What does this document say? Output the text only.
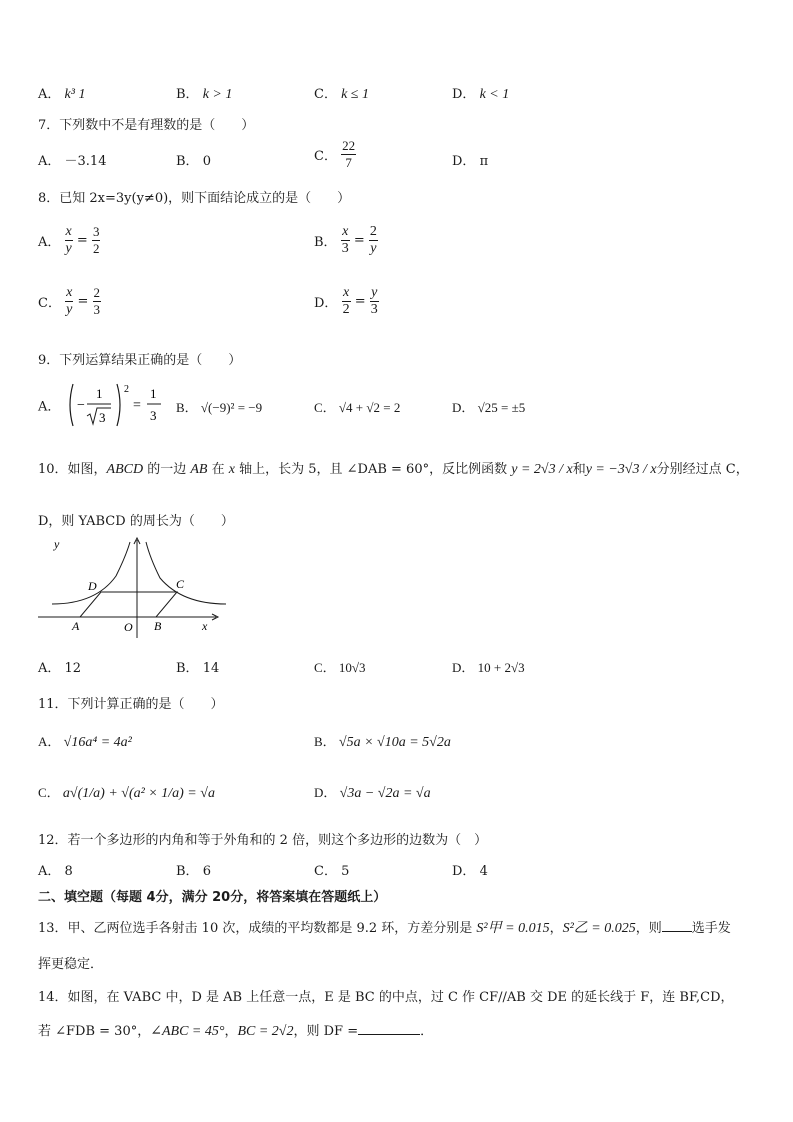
A． k³ 1	B． k > 1	C． k ≤ 1	D． k < 1
7．下列数中不是有理数的是（　　）
A． －3.14	B． 0	C． $\frac{22}{7}$	D． π
8．已知 2x=3y(y≠0)，则下面结论成立的是（　　）
A． $\frac{x}{y} = \frac{3}{2}$	B． $\frac{x}{3} = \frac{2}{y}$
C． $\frac{x}{y} = \frac{2}{3}$	D． $\frac{x}{2} = \frac{y}{3}$
9．下列运算结果正确的是（　　）
A． −
1
3
2
=
1
3
B． √(−9)² = −9	C． √4 + √2 = 2	D． √25 = ±5
10．如图，ABCD 的一边 AB 在 x 轴上，长为 5，且 ∠DAB = 60°，反比例函数 y = 2√3 / x和y = −3√3 / x分别经过点 C，
D，则 YABCD 的周长为（　　）
y
x
A	B
C
D
O
A． 12	B． 14	C． 10√3	D． 10 + 2√3
11．下列计算正确的是（　　）
A． √16a⁴ = 4a²	B． √5a × √10a = 5√2a
C． a√(1/a) + √(a² × 1/a) = √a	D． √3a − √2a = √a
12．若一个多边形的内角和等于外角和的 2 倍，则这个多边形的边数为（　）
A． 8	B． 6	C． 5	D． 4
二、填空题（每题 4分，满分 20分，将答案填在答题纸上）
13．甲、乙两位选手各射击 10 次，成绩的平均数都是 9.2 环，方差分别是 S²甲 = 0.015，S²乙 = 0.025，则 选手发
挥更稳定．
14．如图，在 VABC 中，D 是 AB 上任意一点，E 是 BC 的中点，过 C 作 CF//AB 交 DE 的延长线于 F，连 BF,CD，
若 ∠FDB = 30°，∠ABC = 45°，BC = 2√2，则 DF =	．
